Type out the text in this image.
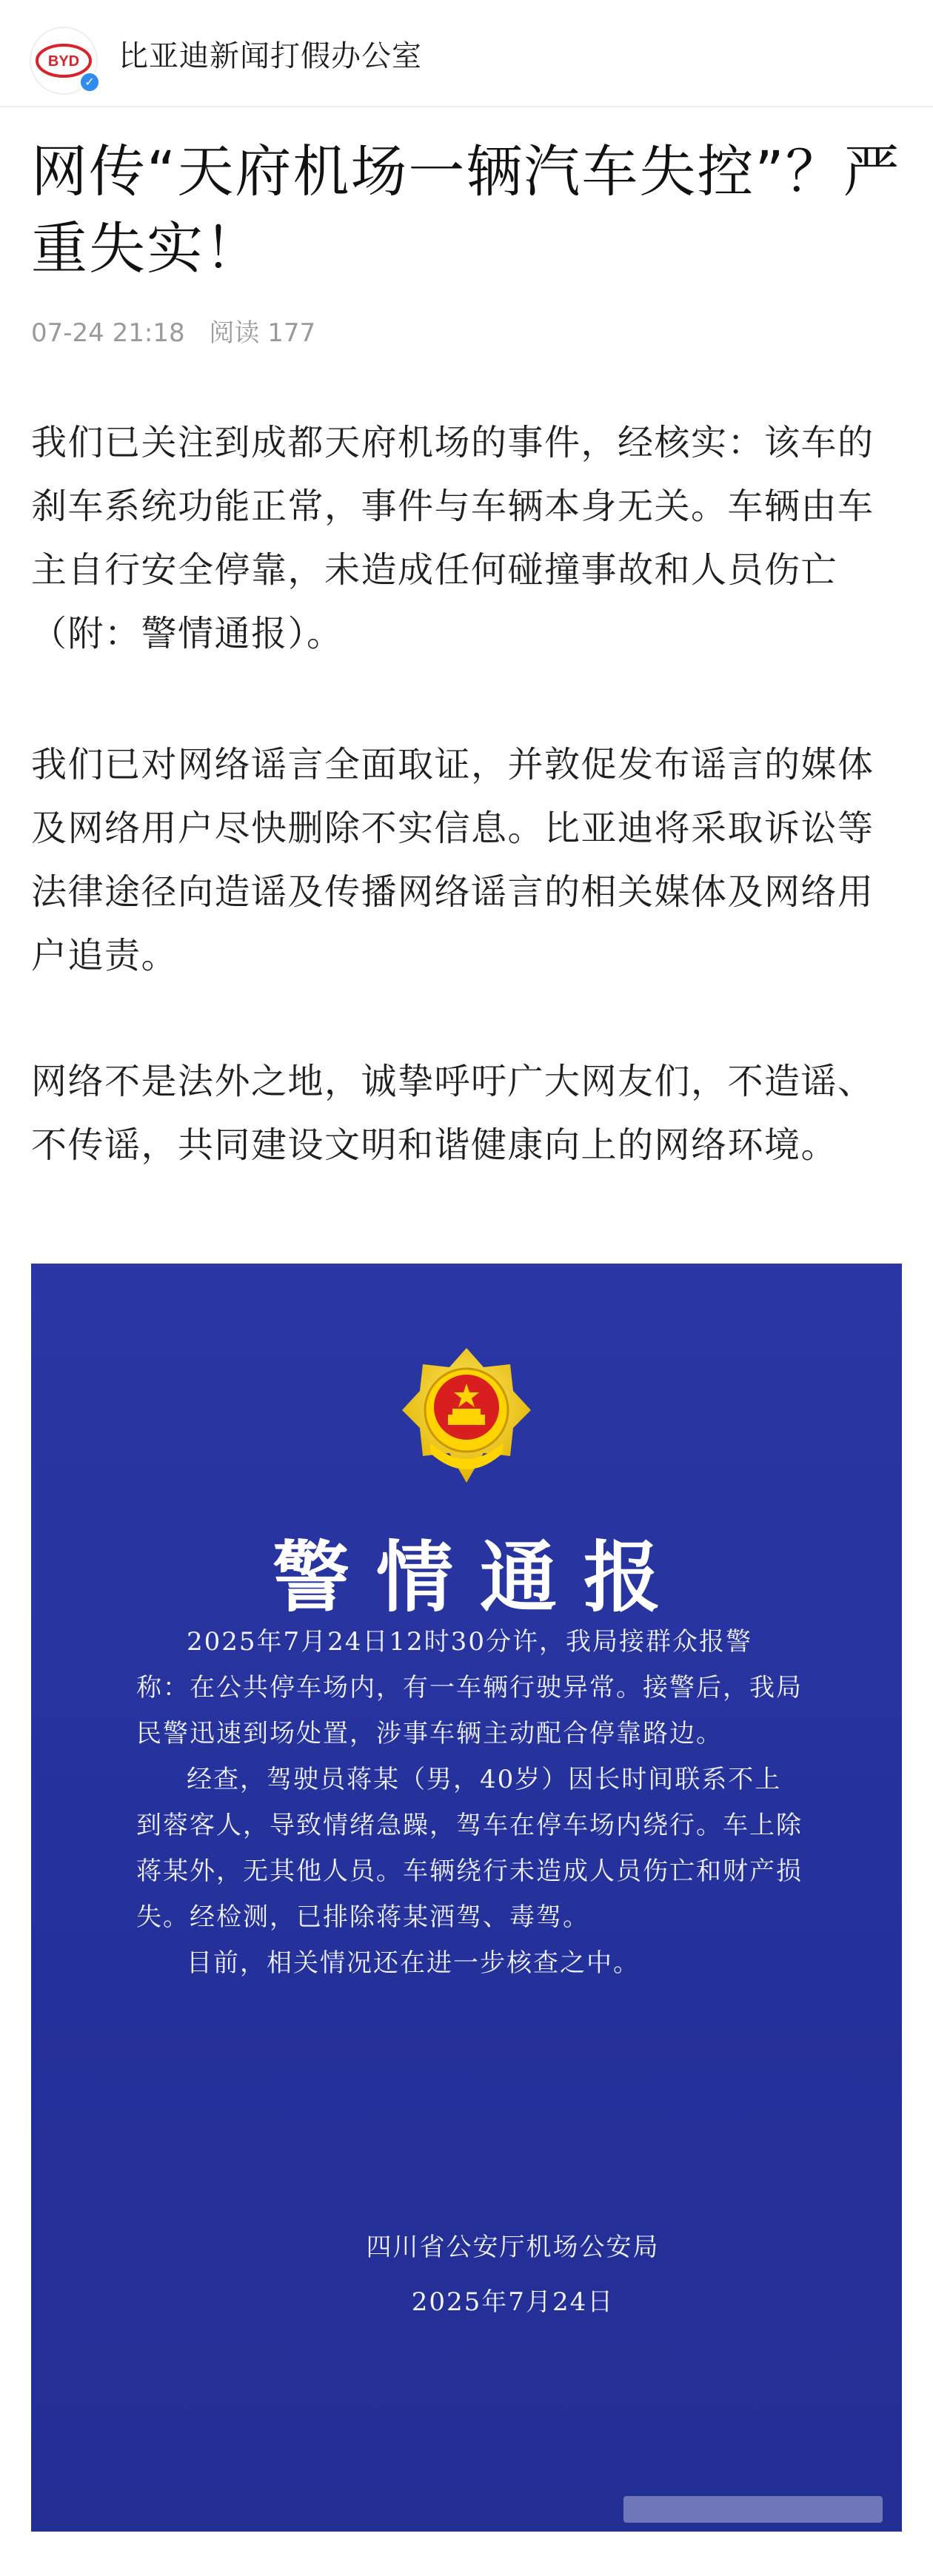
BYD
✓
比亚迪新闻打假办公室
网传“天府机场一辆汽车失控”？严重失实！
07-24 21:18 阅读 177

我们已关注到成都天府机场的事件，经核实：该车的刹车系统功能正常，事件与车辆本身无关。车辆由车主自行安全停靠，未造成任何碰撞事故和人员伤亡（附：警情通报）。

我们已对网络谣言全面取证，并敦促发布谣言的媒体及网络用户尽快删除不实信息。比亚迪将采取诉讼等法律途径向造谣及传播网络谣言的相关媒体及网络用户追责。

网络不是法外之地，诚挚呼吁广大网友们，不造谣、不传谣，共同建设文明和谐健康向上的网络环境。

警情通报

2025年7月24日12时30分许，我局接群众报警称：在公共停车场内，有一车辆行驶异常。接警后，我局民警迅速到场处置，涉事车辆主动配合停靠路边。

经查，驾驶员蒋某（男，40岁）因长时间联系不上到蓉客人，导致情绪急躁，驾车在停车场内绕行。车上除蒋某外，无其他人员。车辆绕行未造成人员伤亡和财产损失。经检测，已排除蒋某酒驾、毒驾。

目前，相关情况还在进一步核查之中。

四川省公安厅机场公安局
2025年7月24日
